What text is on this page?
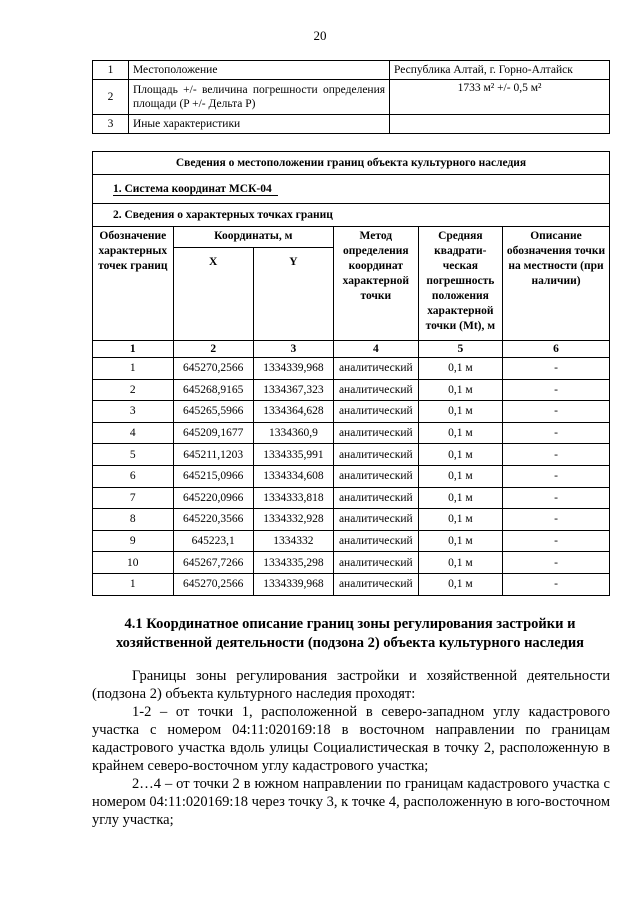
20
1	Местоположение	Республика Алтай, г. Горно-Алтайск
2	Площадь +/- величина погрешности определения площади (P +/- Дельта P)	1733 м² +/- 0,5 м²
3	Иные характеристики	
Сведения о местоположении границ объекта культурного наследия					
1. Система координат МСК-04					
2. Сведения о характерных точках границ					
Обозначение характерных точек границ	Координаты, м		Метод определения координат характерной точки	Средняя квадрати-ческая погрешность положения характерной точки (Mt), м	Описание обозначения точки на местности (при наличии)
	X	Y			
1	2	3	4	5	6
1	645270,2566	1334339,968	аналитический	0,1 м	-
2	645268,9165	1334367,323	аналитический	0,1 м	-
3	645265,5966	1334364,628	аналитический	0,1 м	-
4	645209,1677	1334360,9	аналитический	0,1 м	-
5	645211,1203	1334335,991	аналитический	0,1 м	-
6	645215,0966	1334334,608	аналитический	0,1 м	-
7	645220,0966	1334333,818	аналитический	0,1 м	-
8	645220,3566	1334332,928	аналитический	0,1 м	-
9	645223,1	1334332	аналитический	0,1 м	-
10	645267,7266	1334335,298	аналитический	0,1 м	-
1	645270,2566	1334339,968	аналитический	0,1 м	-
4.1 Координатное описание границ зоны регулирования застройки и хозяйственной деятельности (подзона 2) объекта культурного наследия

Границы зоны регулирования застройки и хозяйственной деятельности (подзона 2) объекта культурного наследия проходят:

1-2 – от точки 1, расположенной в северо-западном углу кадастрового участка с номером 04:11:020169:18 в восточном направлении по границам кадастрового участка вдоль улицы Социалистическая в точку 2, расположенную в крайнем северо-восточном углу кадастрового участка;

2…4 – от точки 2 в южном направлении по границам кадастрового участка с номером 04:11:020169:18 через точку 3, к точке 4, расположенную в юго-восточном углу участка;
